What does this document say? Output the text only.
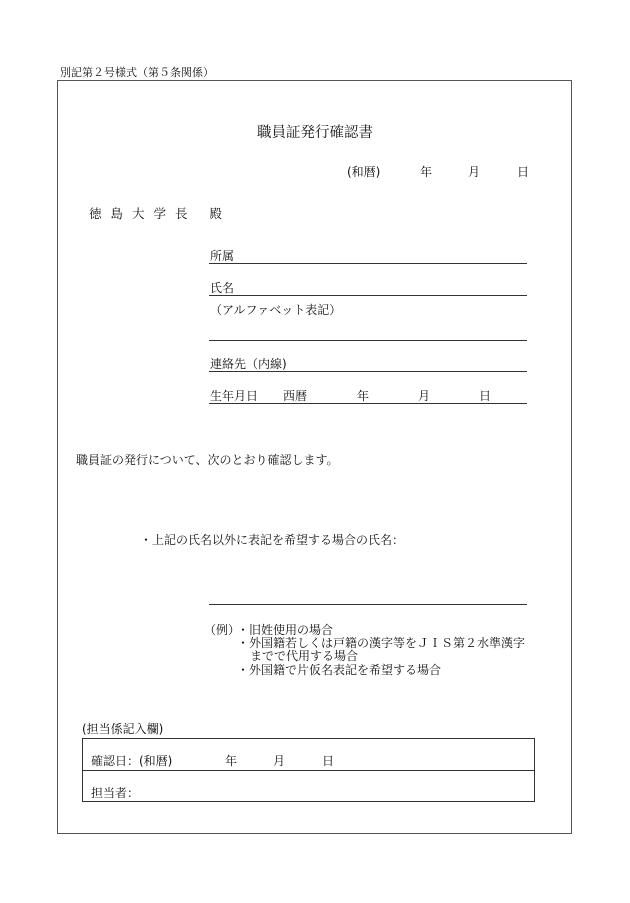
別記第２号様式（第５条関係）
職員証発行確認書
(和暦)	年	月	日
徳島大学長 殿
所属
氏名
（アルファベット表記）
連絡先（内線)
生年月日 西暦	年	月	日
職員証の発行について、次のとおり確認します。
・上記の氏名以外に表記を希望する場合の氏名：
（例）
・旧姓使用の場合
・外国籍若しくは戸籍の漢字等をＪＩＳ第２水準漢字
までで代用する場合
・外国籍で片仮名表記を希望する場合
(担当係記入欄)
確認日：(和暦)	年	月	日
担当者：
